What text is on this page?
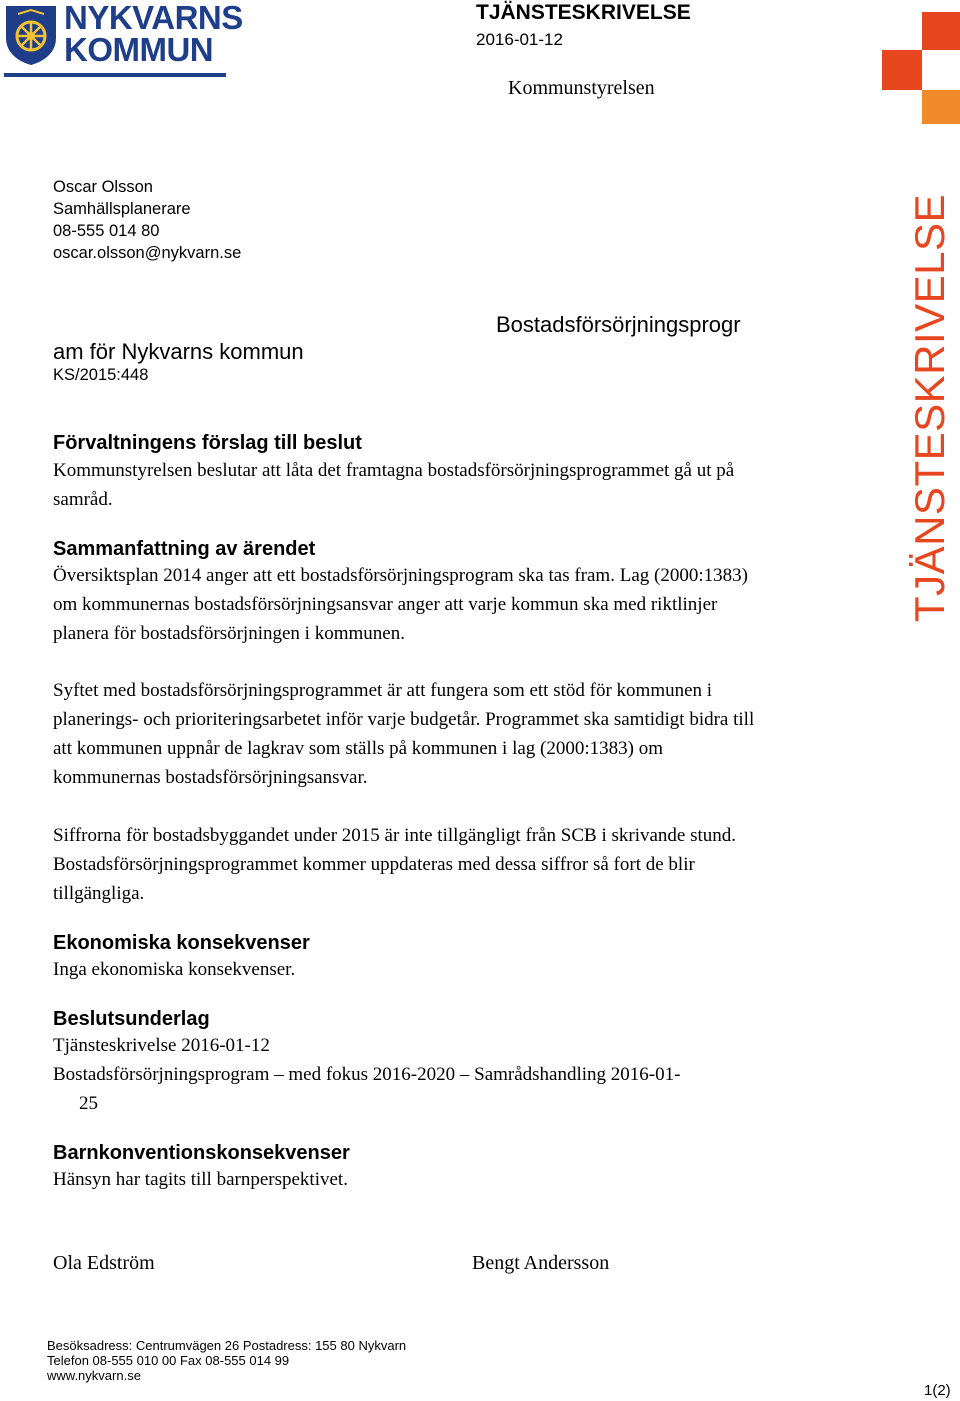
NYKVARNS
KOMMUN
TJÄNSTESKRIVELSE
2016-01-12
Kommunstyrelsen
TJÄNSTESKRIVELSE
Oscar Olsson
Samhällsplanerare
08-555 014 80
oscar.olsson@nykvarn.se
Bostadsförsörjningsprogr
am för Nykvarns kommun
KS/2015:448
Förvaltningens förslag till beslut
Kommunstyrelsen beslutar att låta det framtagna bostadsförsörjningsprogrammet gå ut på
samråd.
Sammanfattning av ärendet
Översiktsplan 2014 anger att ett bostadsförsörjningsprogram ska tas fram. Lag (2000:1383)
om kommunernas bostadsförsörjningsansvar anger att varje kommun ska med riktlinjer
planera för bostadsförsörjningen i kommunen.
Syftet med bostadsförsörjningsprogrammet är att fungera som ett stöd för kommunen i
planerings- och prioriteringsarbetet inför varje budgetår. Programmet ska samtidigt bidra till
att kommunen uppnår de lagkrav som ställs på kommunen i lag (2000:1383) om
kommunernas bostadsförsörjningsansvar.
Siffrorna för bostadsbyggandet under 2015 är inte tillgängligt från SCB i skrivande stund.
Bostadsförsörjningsprogrammet kommer uppdateras med dessa siffror så fort de blir
tillgängliga.
Ekonomiska konsekvenser
Inga ekonomiska konsekvenser.
Beslutsunderlag
Tjänsteskrivelse 2016-01-12
Bostadsförsörjningsprogram – med fokus 2016-2020 – Samrådshandling 2016-01-
25
Barnkonventionskonsekvenser
Hänsyn har tagits till barnperspektivet.
Ola Edström	Bengt Andersson
Besöksadress: Centrumvägen 26 Postadress: 155 80 Nykvarn
Telefon 08-555 010 00 Fax 08-555 014 99
www.nykvarn.se
1(2)
